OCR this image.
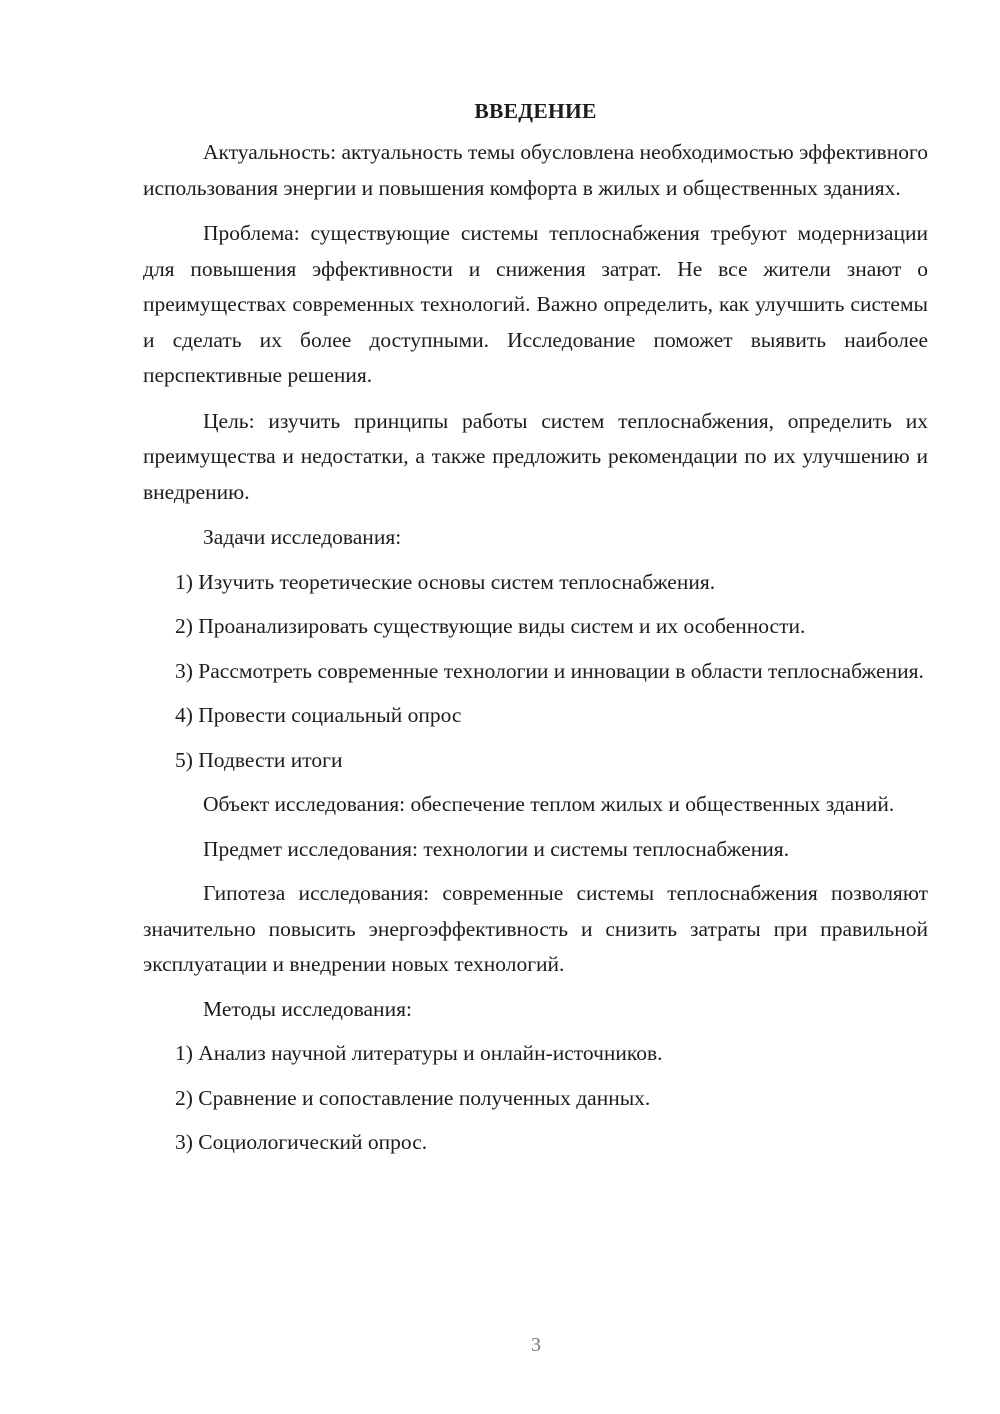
ВВЕДЕНИЕ

Актуальность: актуальность темы обусловлена необходимостью эффективного использования энергии и повышения комфорта в жилых и общественных зданиях.

Проблема: существующие системы теплоснабжения требуют модернизации для повышения эффективности и снижения затрат. Не все жители знают о преимуществах современных технологий. Важно определить, как улучшить системы и сделать их более доступными. Исследование поможет выявить наиболее перспективные решения.

Цель: изучить принципы работы систем теплоснабжения, определить их преимущества и недостатки, а также предложить рекомендации по их улучшению и внедрению.

Задачи исследования:

1) Изучить теоретические основы систем теплоснабжения.

2) Проанализировать существующие виды систем и их особенности.

3) Рассмотреть современные технологии и инновации в области теплоснабжения.

4) Провести социальный опрос

5) Подвести итоги

Объект исследования: обеспечение теплом жилых и общественных зданий.

Предмет исследования: технологии и системы теплоснабжения.

Гипотеза исследования: современные системы теплоснабжения позволяют значительно повысить энергоэффективность и снизить затраты при правильной эксплуатации и внедрении новых технологий.

Методы исследования:

1) Анализ научной литературы и онлайн-источников.

2) Сравнение и сопоставление полученных данных.

3) Социологический опрос.

3
